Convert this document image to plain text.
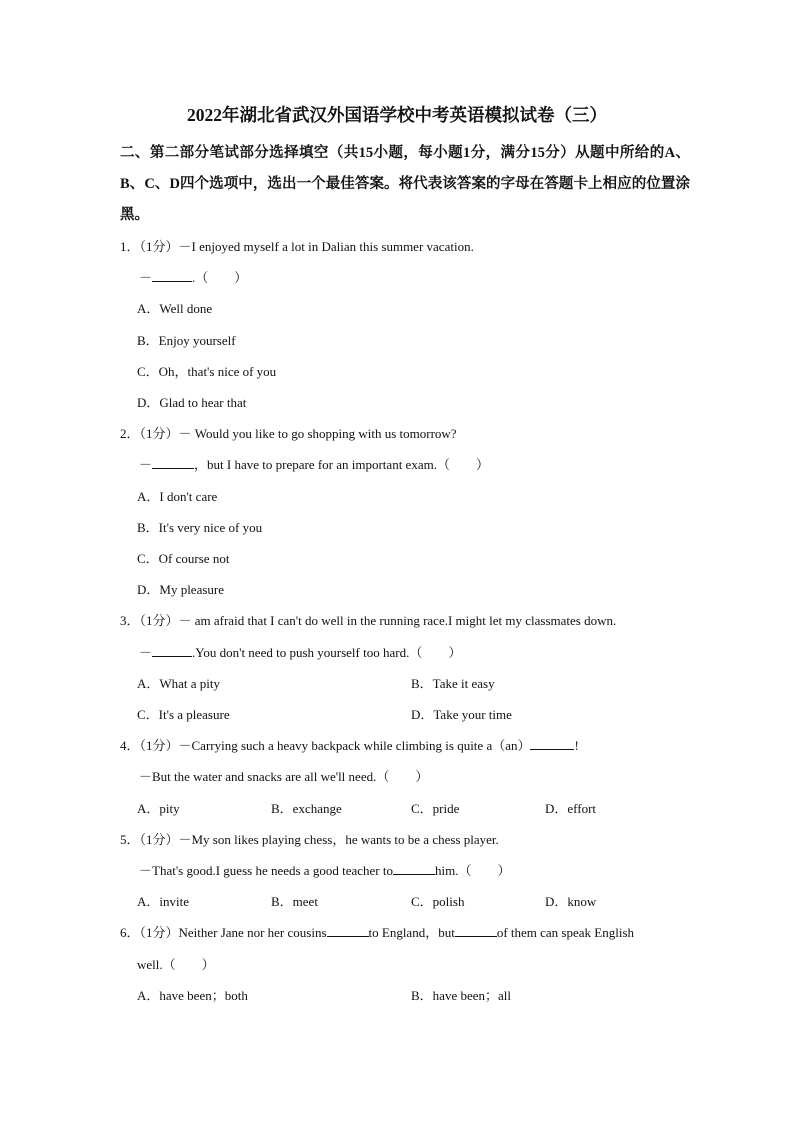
2022年湖北省武汉外国语学校中考英语模拟试卷（三）
二、第二部分笔试部分选择填空（共15小题，每小题1分，满分15分）从题中所给的A、B、C、D四个选项中，选出一个最佳答案。将代表该答案的字母在答题卡上相应的位置涂黑。
1．（1分）－I enjoyed myself a lot in Dalian this summer vacation.
－	.（　　）
A．Well done
B．Enjoy yourself
C．Oh，that's nice of you
D．Glad to hear that
2．（1分）－ Would you like to go shopping with us tomorrow?
－	，but I have to prepare for an important exam.（　　）
A．I don't care
B．It's very nice of you
C．Of course not
D．My pleasure
3．（1分）－ am afraid that I can't do well in the running race.I might let my classmates down.
－	.You don't need to push yourself too hard.（　　）
A．What a pity	B．Take it easy
C．It's a pleasure	D．Take your time
4．（1分）－Carrying such a heavy backpack while climbing is quite a（an）	!
－But the water and snacks are all we'll need.（　　）
A．pity	B．exchange	C．pride	D．effort
5．（1分）－My son likes playing chess，he wants to be a chess player.
－That's good.I guess he needs a good teacher to	him.（　　）
A．invite	B．meet	C．polish	D．know
6．（1分）Neither Jane nor her cousins	to England，but	of them can speak English
well.（　　）
A．have been；both	B．have been；all
